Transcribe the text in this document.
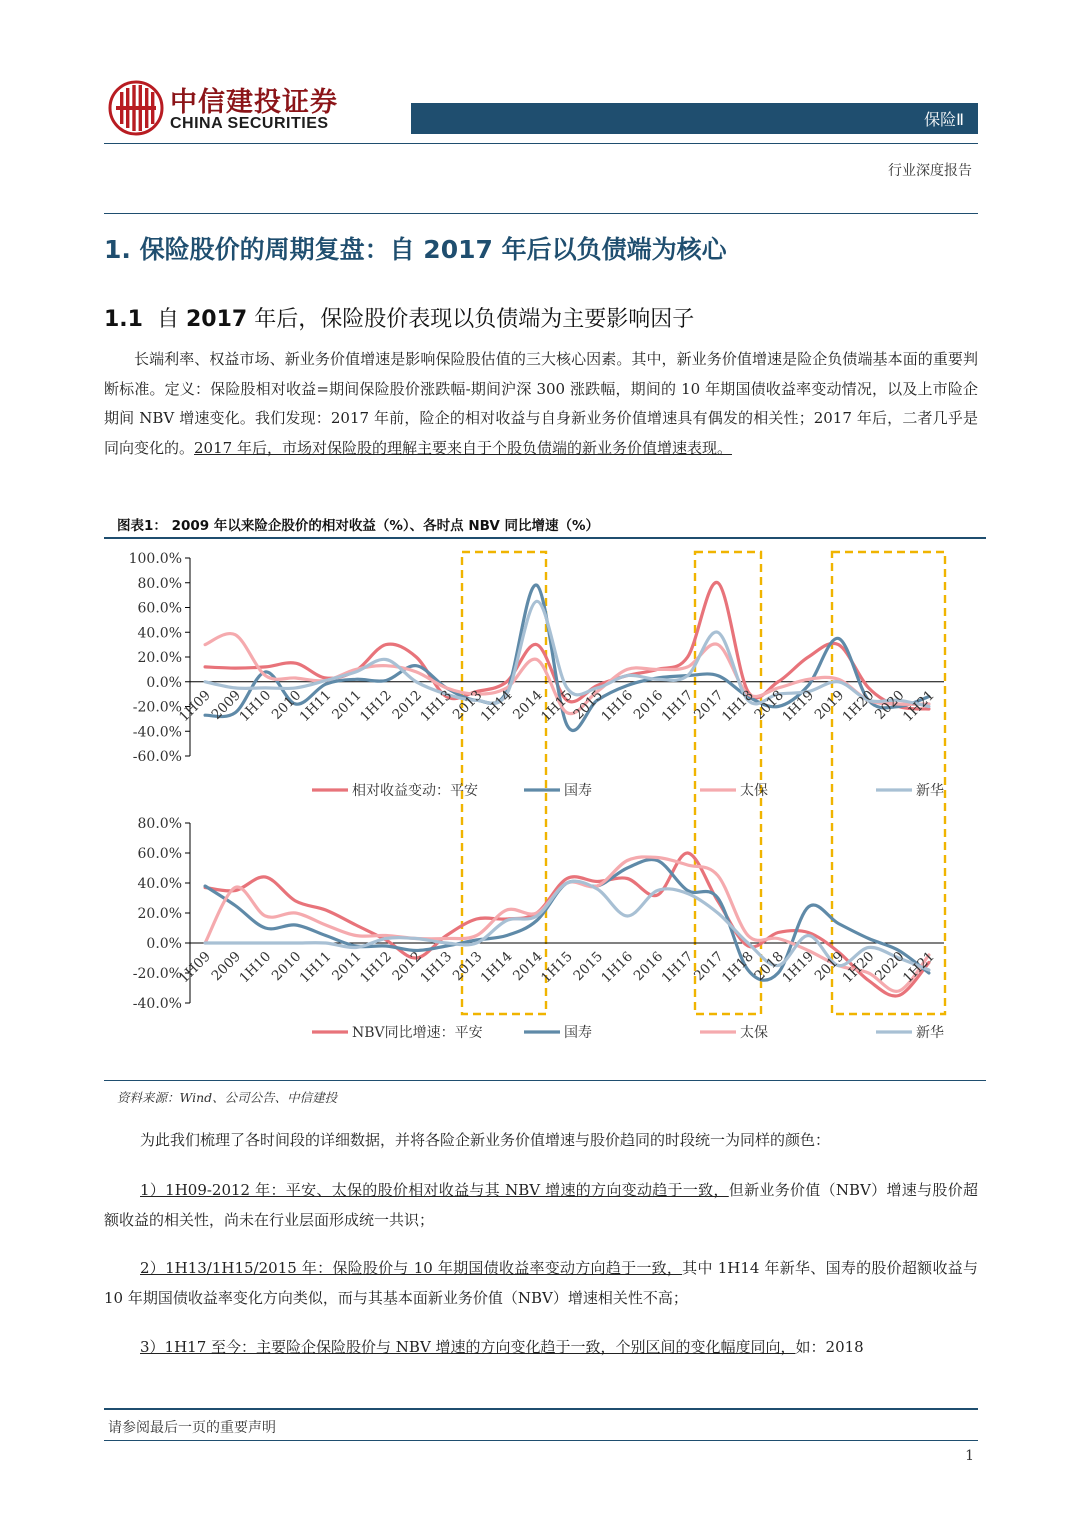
中信建投证券
CHINA SECURITIES	保险Ⅱ
行业深度报告
1. 保险股价的周期复盘：自 2017 年后以负债端为核心
1.1 自 2017 年后，保险股价表现以负债端为主要影响因子
长端利率、权益市场、新业务价值增速是影响保险股估值的三大核心因素。其中，新业务价值增速是险企负债端基本面的重要判断标准。定义：保险股相对收益=期间保险股价涨跌幅-期间沪深 300 涨跌幅，期间的 10 年期国债收益率变动情况，以及上市险企期间 NBV 增速变化。我们发现：2017 年前，险企的相对收益与自身新业务价值增速具有偶发的相关性；2017 年后，二者几乎是同向变化的。2017 年后，市场对保险股的理解主要来自于个股负债端的新业务价值增速表现。
图表1： 2009 年以来险企股价的相对收益（%）、各时点 NBV 同比增速（%）
100.0%
80.0%
60.0%
40.0%
20.0%
0.0%
-20.0%
-40.0%
-60.0%
1H09
2009
1H10
2010
1H11
2011
1H12
2012
1H13
2013
1H14
2014
1H15
2015
1H16
2016
1H17
2017
1H18
2018
1H19
2019
1H20
2020
1H21
相对收益变动：平安	国寿	太保	新华
80.0%
60.0%
40.0%
20.0%
0.0%
-20.0%
-40.0%
1H09
2009
1H10
2010
1H11
2011
1H12
2012
1H13
2013
1H14
2014
1H15
2015
1H16
2016
1H17
2017
1H18
2018
1H19
2019
1H20
2020
1H21
NBV同比增速：平安	国寿	太保	新华
资料来源：Wind、公司公告、中信建投
为此我们梳理了各时间段的详细数据，并将各险企新业务价值增速与股价趋同的时段统一为同样的颜色：
1）1H09-2012 年：平安、太保的股价相对收益与其 NBV 增速的方向变动趋于一致，但新业务价值（NBV）增速与股价超额收益的相关性，尚未在行业层面形成统一共识；
2）1H13/1H15/2015 年：保险股价与 10 年期国债收益率变动方向趋于一致，其中 1H14 年新华、国寿的股价超额收益与 10 年期国债收益率变化方向类似，而与其基本面新业务价值（NBV）增速相关性不高；
3）1H17 至今：主要险企保险股价与 NBV 增速的方向变化趋于一致，个别区间的变化幅度同向，如：2018
请参阅最后一页的重要声明
1
